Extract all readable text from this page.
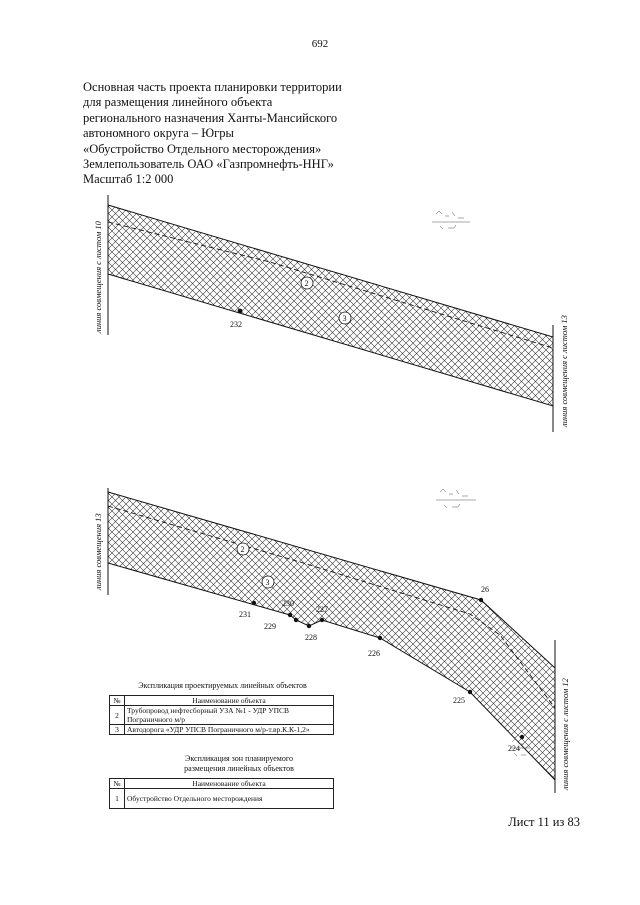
692
Основная часть проекта планировки территории
для размещения линейного объекта
регионального назначения Ханты-Мансийского
автономного округа – Югры
«Обустройство Отдельного месторождения»
Землепользователь ОАО «Газпромнефть-ННГ»
Масштаб 1:2 000
232
2
3
линия совмещения с листом 10
линия совмещения с листом 13
231
230
229
227
228
226
26
225
224
2
3
линия совмещения 13
линия совмещения с листом 12
Экспликация проектируемых линейных объектов
№	Наименование объекта
2	Трубопровод нефтесборный УЗА №1 - УДР УПСВ Пограничного м/р
3	Автодорога «УДР УПСВ Пограничного м/р-т.вр.К.К-1,2»
Экспликация зон планируемого размещения линейных объектов
№	Наименование объекта
1	Обустройство Отдельного месторождения
Лист 11 из 83
